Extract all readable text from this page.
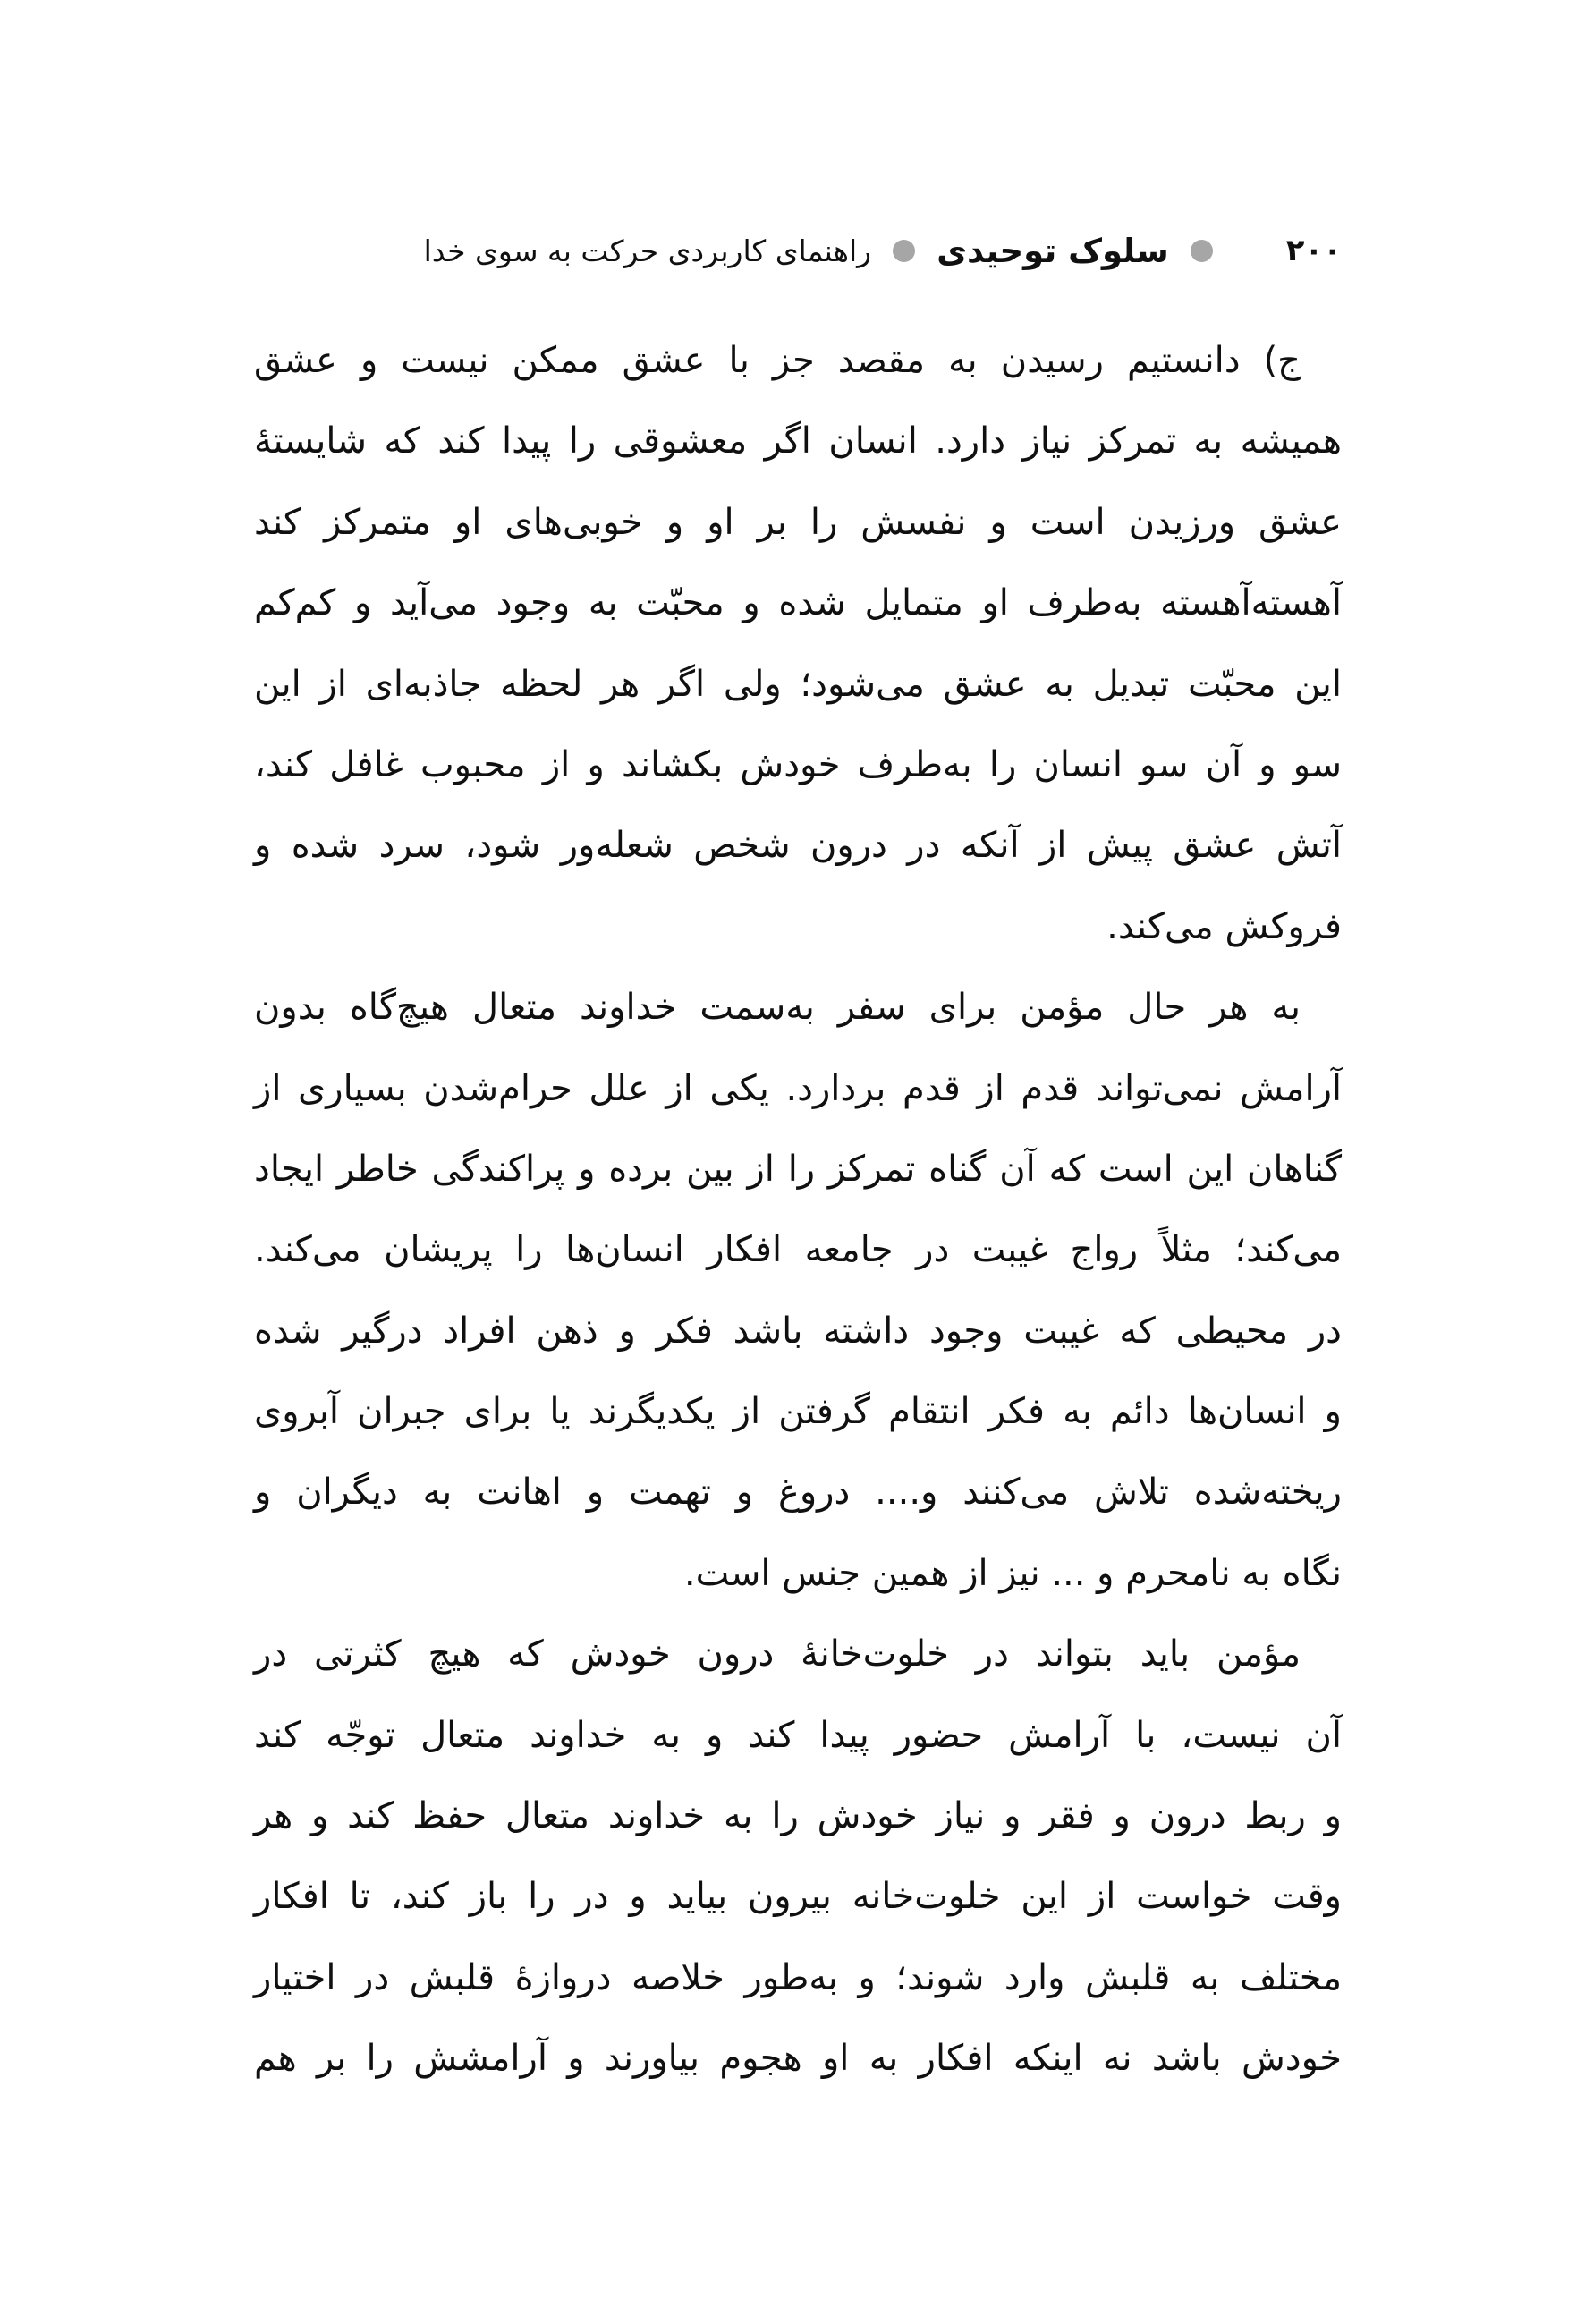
۲۰۰
سلوک توحیدی
راهنمای کاربردی حرکت به سوی خدا

ج) دانستیم رسیدن به مقصد جز با عشق ممکن نیست و عشق
همیشه به تمرکز نیاز دارد. انسان اگر معشوقی را پیدا کند که شایستهٔ
عشق ورزیدن است و نفسش را بر او و خوبی‌های او متمرکز کند
آهسته‌آهسته به‌طرف او متمایل شده و محبّت به وجود می‌آید و کم‌کم
این محبّت تبدیل به عشق می‌شود؛ ولی اگر هر لحظه جاذبه‌ای از این
سو و آن سو انسان را به‌طرف خودش بکشاند و از محبوب غافل کند،
آتش عشق پیش از آنکه در درون شخص شعله‌ور شود، سرد شده و
فروکش می‌کند.

به هر حال مؤمن برای سفر به‌سمت خداوند متعال هیچ‌گاه بدون
آرامش نمی‌تواند قدم از قدم بردارد. یکی از علل حرام‌شدن بسیاری از
گناهان این است که آن گناه تمرکز را از بین برده و پراکندگی خاطر ایجاد
می‌کند؛ مثلاً رواج غیبت در جامعه افکار انسان‌ها را پریشان می‌کند.
در محیطی که غیبت وجود داشته باشد فکر و ذهن افراد درگیر شده
و انسان‌ها دائم به فکر انتقام گرفتن از یکدیگرند یا برای جبران آبروی
ریخته‌شده تلاش می‌کنند و.... دروغ و تهمت و اهانت به دیگران و
نگاه به نامحرم و ... نیز از همین جنس است.

مؤمن باید بتواند در خلوت‌خانهٔ درون خودش که هیچ کثرتی در
آن نیست، با آرامش حضور پیدا کند و به خداوند متعال توجّه کند
و ربط درون و فقر و نیاز خودش را به خداوند متعال حفظ کند و هر
وقت خواست از این خلوت‌خانه بیرون بیاید و در را باز کند، تا افکار
مختلف به قلبش وارد شوند؛ و به‌طور خلاصه دروازهٔ قلبش در اختیار
خودش باشد نه اینکه افکار به او هجوم بیاورند و آرامشش را بر هم
